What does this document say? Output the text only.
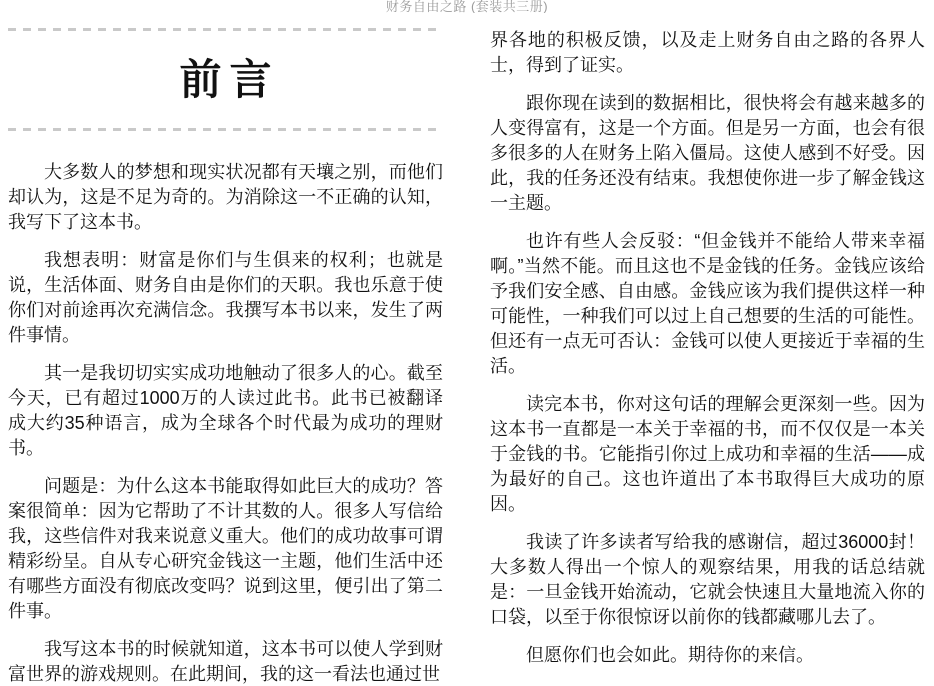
财务自由之路 (套装共三册)
前言

大多数人的梦想和现实状况都有天壤之别，而他们却认为，这是不足为奇的。为消除这一不正确的认知，我写下了这本书。

我想表明：财富是你们与生俱来的权利；也就是说，生活体面、财务自由是你们的天职。我也乐意于使你们对前途再次充满信念。我撰写本书以来，发生了两件事情。

其一是我切切实实成功地触动了很多人的心。截至今天，已有超过1000万的人读过此书。此书已被翻译成大约35种语言，成为全球各个时代最为成功的理财书。

问题是：为什么这本书能取得如此巨大的成功？答案很简单：因为它帮助了不计其数的人。很多人写信给我，这些信件对我来说意义重大。他们的成功故事可谓精彩纷呈。自从专心研究金钱这一主题，他们生活中还有哪些方面没有彻底改变吗？说到这里，便引出了第二件事。

我写这本书的时候就知道，这本书可以使人学到财富世界的游戏规则。在此期间，我的这一看法也通过世

界各地的积极反馈，以及走上财务自由之路的各界人士，得到了证实。

跟你现在读到的数据相比，很快将会有越来越多的人变得富有，这是一个方面。但是另一方面，也会有很多很多的人在财务上陷入僵局。这使人感到不好受。因此，我的任务还没有结束。我想使你进一步了解金钱这一主题。

也许有些人会反驳：“但金钱并不能给人带来幸福啊。”当然不能。而且这也不是金钱的任务。金钱应该给予我们安全感、自由感。金钱应该为我们提供这样一种可能性，一种我们可以过上自己想要的生活的可能性。但还有一点无可否认：金钱可以使人更接近于幸福的生活。

读完本书，你对这句话的理解会更深刻一些。因为这本书一直都是一本关于幸福的书，而不仅仅是一本关于金钱的书。它能指引你过上成功和幸福的生活——成为最好的自己。这也许道出了本书取得巨大成功的原因。

我读了许多读者写给我的感谢信，超过36000封！大多数人得出一个惊人的观察结果，用我的话总结就是：一旦金钱开始流动，它就会快速且大量地流入你的口袋，以至于你很惊讶以前你的钱都藏哪儿去了。

但愿你们也会如此。期待你的来信。
